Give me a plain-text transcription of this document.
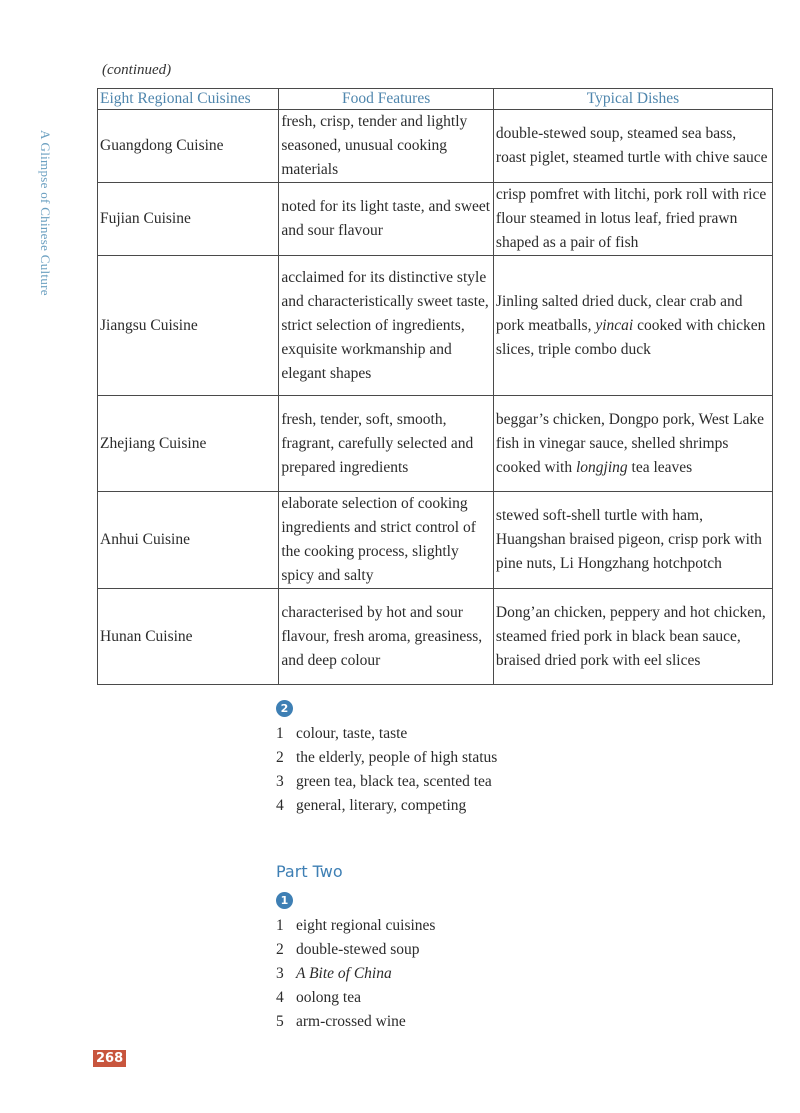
A Glimpse of Chinese Culture
(continued)
Eight Regional Cuisines	Food Features	Typical Dishes
Guangdong Cuisine	fresh, crisp, tender and lightly seasoned, unusual cooking materials	double-stewed soup, steamed sea bass, roast piglet, steamed turtle with chive sauce
Fujian Cuisine	noted for its light taste, and sweet and sour flavour	crisp pomfret with litchi, pork roll with rice flour steamed in lotus leaf, fried prawn shaped as a pair of fish
Jiangsu Cuisine	acclaimed for its distinctive style and characteristically sweet taste, strict selection of ingredients, exquisite workmanship and elegant shapes	Jinling salted dried duck, clear crab and pork meatballs, yincai cooked with chicken slices, triple combo duck
Zhejiang Cuisine	fresh, tender, soft, smooth, fragrant, carefully selected and prepared ingredients	beggar’s chicken, Dongpo pork, West Lake fish in vinegar sauce, shelled shrimps cooked with longjing tea leaves
Anhui Cuisine	elaborate selection of cooking ingredients and strict control of the cooking process, slightly spicy and salty	stewed soft-shell turtle with ham, Huangshan braised pigeon, crisp pork with pine nuts, Li Hongzhang hotchpotch
Hunan Cuisine	characterised by hot and sour flavour, fresh aroma, greasiness, and deep colour	Dong’an chicken, peppery and hot chicken, steamed fried pork in black bean sauce, braised dried pork with eel slices
2
1 colour, taste, taste
2 the elderly, people of high status
3 green tea, black tea, scented tea
4 general, literary, competing
Part Two
1
1 eight regional cuisines
2 double-stewed soup
3 A Bite of China
4 oolong tea
5 arm-crossed wine
268
